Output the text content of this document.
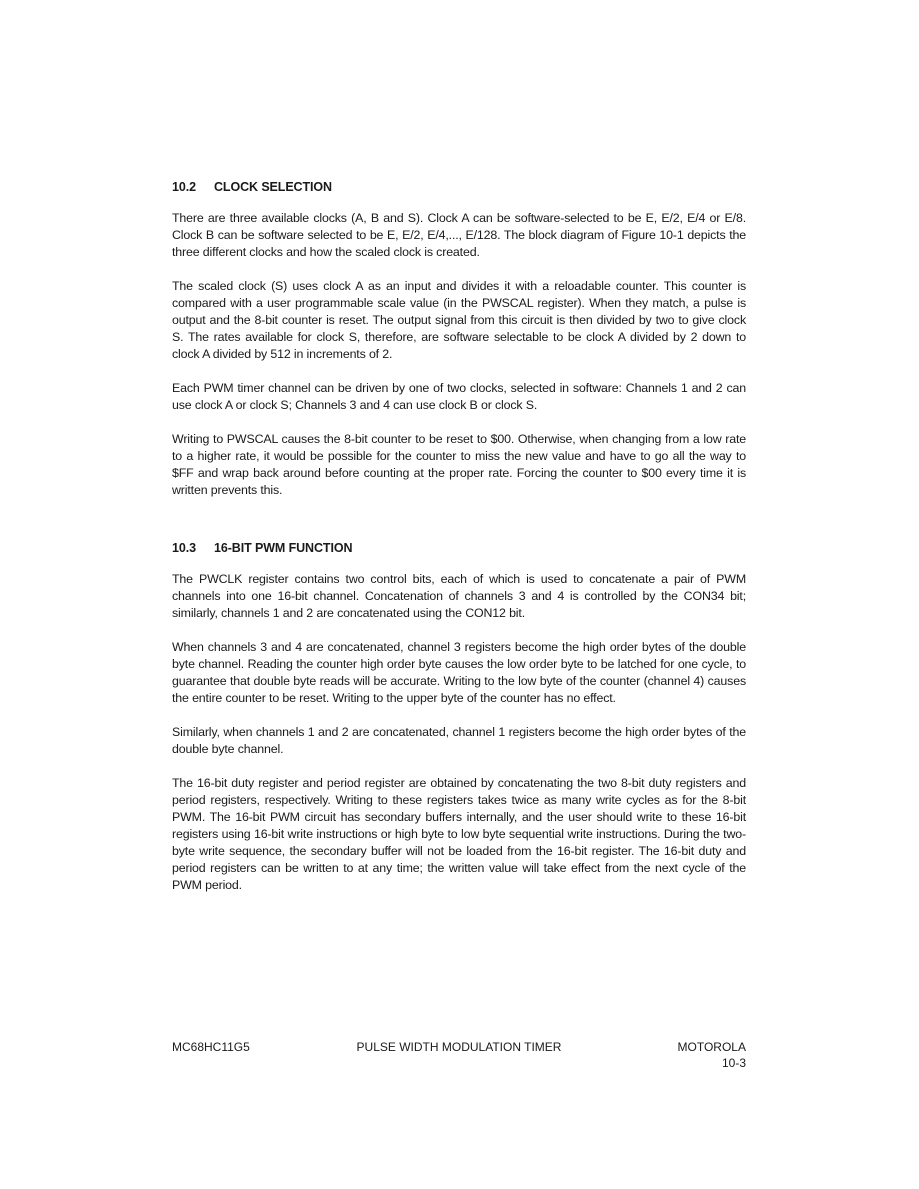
10.2 CLOCK SELECTION

There are three available clocks (A, B and S). Clock A can be software-selected to be E, E/2, E/4 or E/8. Clock B can be software selected to be E, E/2, E/4,..., E/128. The block diagram of Figure 10-1 depicts the three different clocks and how the scaled clock is created.

The scaled clock (S) uses clock A as an input and divides it with a reloadable counter. This counter is compared with a user programmable scale value (in the PWSCAL register). When they match, a pulse is output and the 8-bit counter is reset. The output signal from this circuit is then divided by two to give clock S. The rates available for clock S, therefore, are software selectable to be clock A divided by 2 down to clock A divided by 512 in increments of 2.

Each PWM timer channel can be driven by one of two clocks, selected in software: Channels 1 and 2 can use clock A or clock S; Channels 3 and 4 can use clock B or clock S.

Writing to PWSCAL causes the 8-bit counter to be reset to $00. Otherwise, when changing from a low rate to a higher rate, it would be possible for the counter to miss the new value and have to go all the way to $FF and wrap back around before counting at the proper rate. Forcing the counter to $00 every time it is written prevents this.

10.3 16-BIT PWM FUNCTION

The PWCLK register contains two control bits, each of which is used to concatenate a pair of PWM channels into one 16-bit channel. Concatenation of channels 3 and 4 is controlled by the CON34 bit; similarly, channels 1 and 2 are concatenated using the CON12 bit.

When channels 3 and 4 are concatenated, channel 3 registers become the high order bytes of the double byte channel. Reading the counter high order byte causes the low order byte to be latched for one cycle, to guarantee that double byte reads will be accurate. Writing to the low byte of the counter (channel 4) causes the entire counter to be reset. Writing to the upper byte of the counter has no effect.

Similarly, when channels 1 and 2 are concatenated, channel 1 registers become the high order bytes of the double byte channel.

The 16-bit duty register and period register are obtained by concatenating the two 8-bit duty registers and period registers, respectively. Writing to these registers takes twice as many write cycles as for the 8-bit PWM. The 16-bit PWM circuit has secondary buffers internally, and the user should write to these 16-bit registers using 16-bit write instructions or high byte to low byte sequential write instructions. During the two-byte write sequence, the secondary buffer will not be loaded from the 16-bit register. The 16-bit duty and period registers can be written to at any time; the written value will take effect from the next cycle of the PWM period.

MC68HC11G5	PULSE WIDTH MODULATION TIMER	MOTOROLA
10-3
